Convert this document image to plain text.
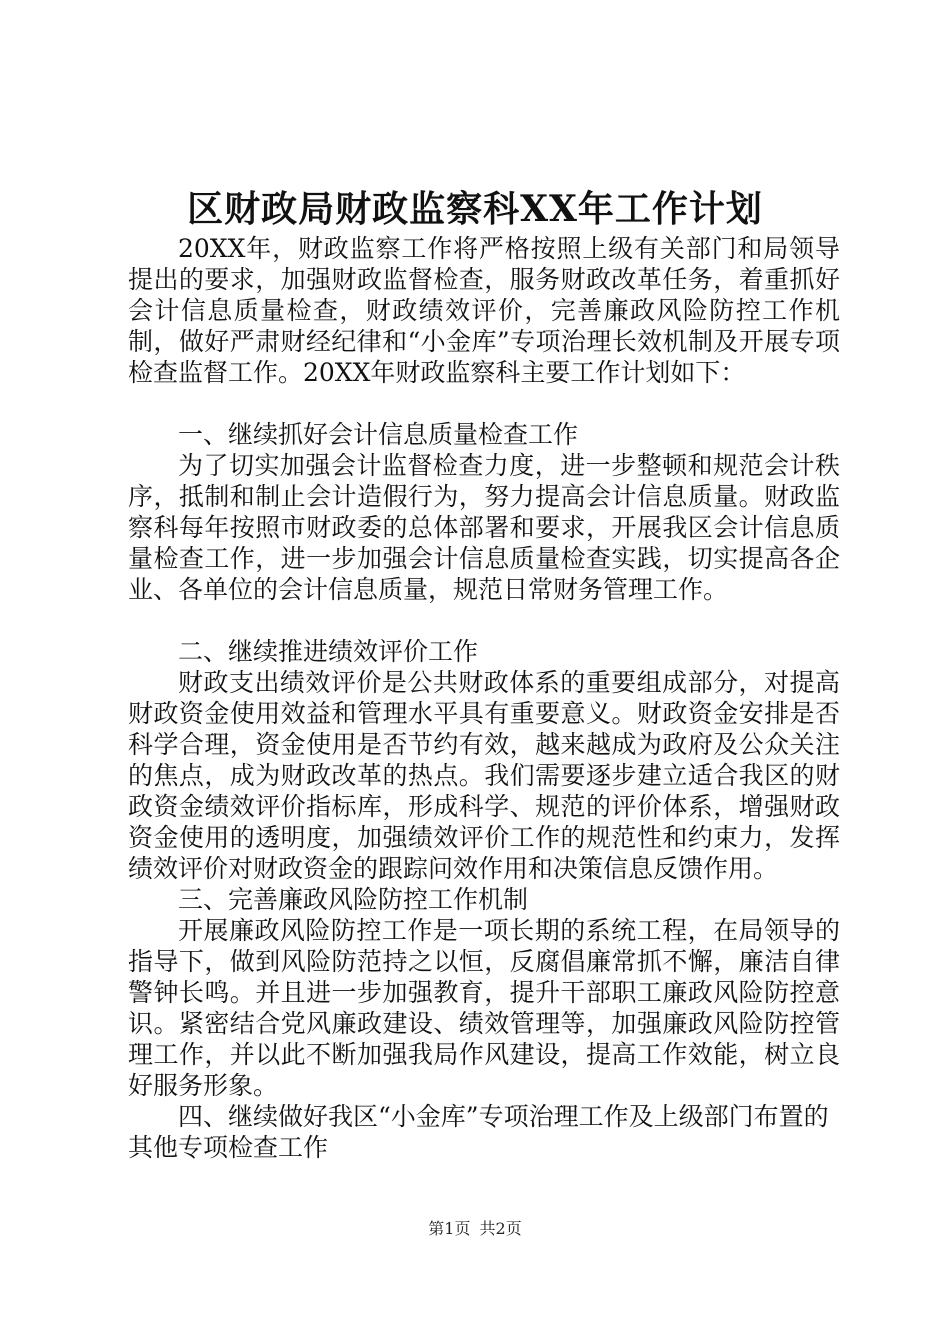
区财政局财政监察科XX年工作计划

20XX年，财政监察工作将严格按照上级有关部门和局领导提出的要求，加强财政监督检查，服务财政改革任务，着重抓好会计信息质量检查，财政绩效评价，完善廉政风险防控工作机制，做好严肃财经纪律和“小金库”专项治理长效机制及开展专项检查监督工作。20XX年财政监察科主要工作计划如下：

一、继续抓好会计信息质量检查工作

为了切实加强会计监督检查力度，进一步整顿和规范会计秩序，抵制和制止会计造假行为，努力提高会计信息质量。财政监察科每年按照市财政委的总体部署和要求，开展我区会计信息质量检查工作，进一步加强会计信息质量检查实践，切实提高各企业、各单位的会计信息质量，规范日常财务管理工作。

二、继续推进绩效评价工作

财政支出绩效评价是公共财政体系的重要组成部分，对提高财政资金使用效益和管理水平具有重要意义。财政资金安排是否科学合理，资金使用是否节约有效，越来越成为政府及公众关注的焦点，成为财政改革的热点。我们需要逐步建立适合我区的财政资金绩效评价指标库，形成科学、规范的评价体系，增强财政资金使用的透明度，加强绩效评价工作的规范性和约束力，发挥绩效评价对财政资金的跟踪问效作用和决策信息反馈作用。

三、完善廉政风险防控工作机制

开展廉政风险防控工作是一项长期的系统工程，在局领导的指导下，做到风险防范持之以恒，反腐倡廉常抓不懈，廉洁自律警钟长鸣。并且进一步加强教育，提升干部职工廉政风险防控意识。紧密结合党风廉政建设、绩效管理等，加强廉政风险防控管理工作，并以此不断加强我局作风建设，提高工作效能，树立良好服务形象。

四、继续做好我区“小金库”专项治理工作及上级部门布置的其他专项检查工作

第1页 共2页
